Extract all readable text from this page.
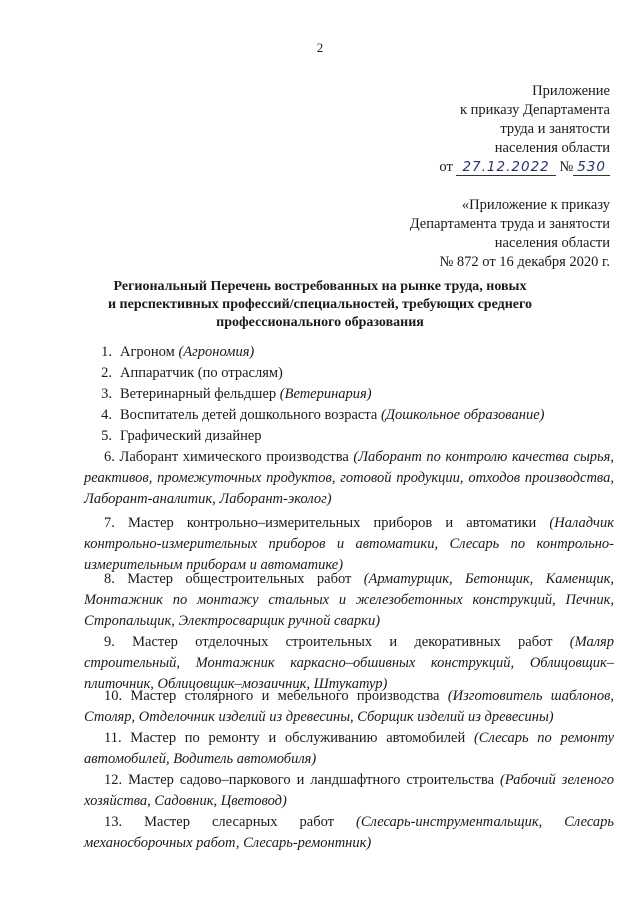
2
Приложение
к приказу Департамента
труда и занятости
населения области
от 27.12.2022 № 530
«Приложение к приказу
Департамента труда и занятости
населения области
№ 872 от 16 декабря 2020 г.
Региональный Перечень востребованных на рынке труда, новых
и перспективных профессий/специальностей, требующих среднего
профессионального образования
1. Агроном (Агрономия)
2. Аппаратчик (по отраслям)
3. Ветеринарный фельдшер (Ветеринария)
4. Воспитатель детей дошкольного возраста (Дошкольное образование)
5. Графический дизайнер
6. Лаборант химического производства (Лаборант по контролю качества сырья, реактивов, промежуточных продуктов, готовой продукции, отходов производства, Лаборант-аналитик, Лаборант-эколог)
7. Мастер контрольно–измерительных приборов и автоматики (Наладчик контрольно-измерительных приборов и автоматики, Слесарь по контрольно-измерительным приборам и автоматике)
8. Мастер общестроительных работ (Арматурщик, Бетонщик, Каменщик, Монтажник по монтажу стальных и железобетонных конструкций, Печник, Стропальщик, Электросварщик ручной сварки)
9. Мастер отделочных строительных и декоративных работ (Маляр строительный, Монтажник каркасно–обшивных конструкций, Облицовщик–плиточник, Облицовщик–мозаичник, Штукатур)
10. Мастер столярного и мебельного производства (Изготовитель шаблонов, Столяр, Отделочник изделий из древесины, Сборщик изделий из древесины)
11. Мастер по ремонту и обслуживанию автомобилей (Слесарь по ремонту автомобилей, Водитель автомобиля)
12. Мастер садово–паркового и ландшафтного строительства (Рабочий зеленого хозяйства, Садовник, Цветовод)
13. Мастер слесарных работ (Слесарь-инструментальщик, Слесарь механосборочных работ, Слесарь-ремонтник)
